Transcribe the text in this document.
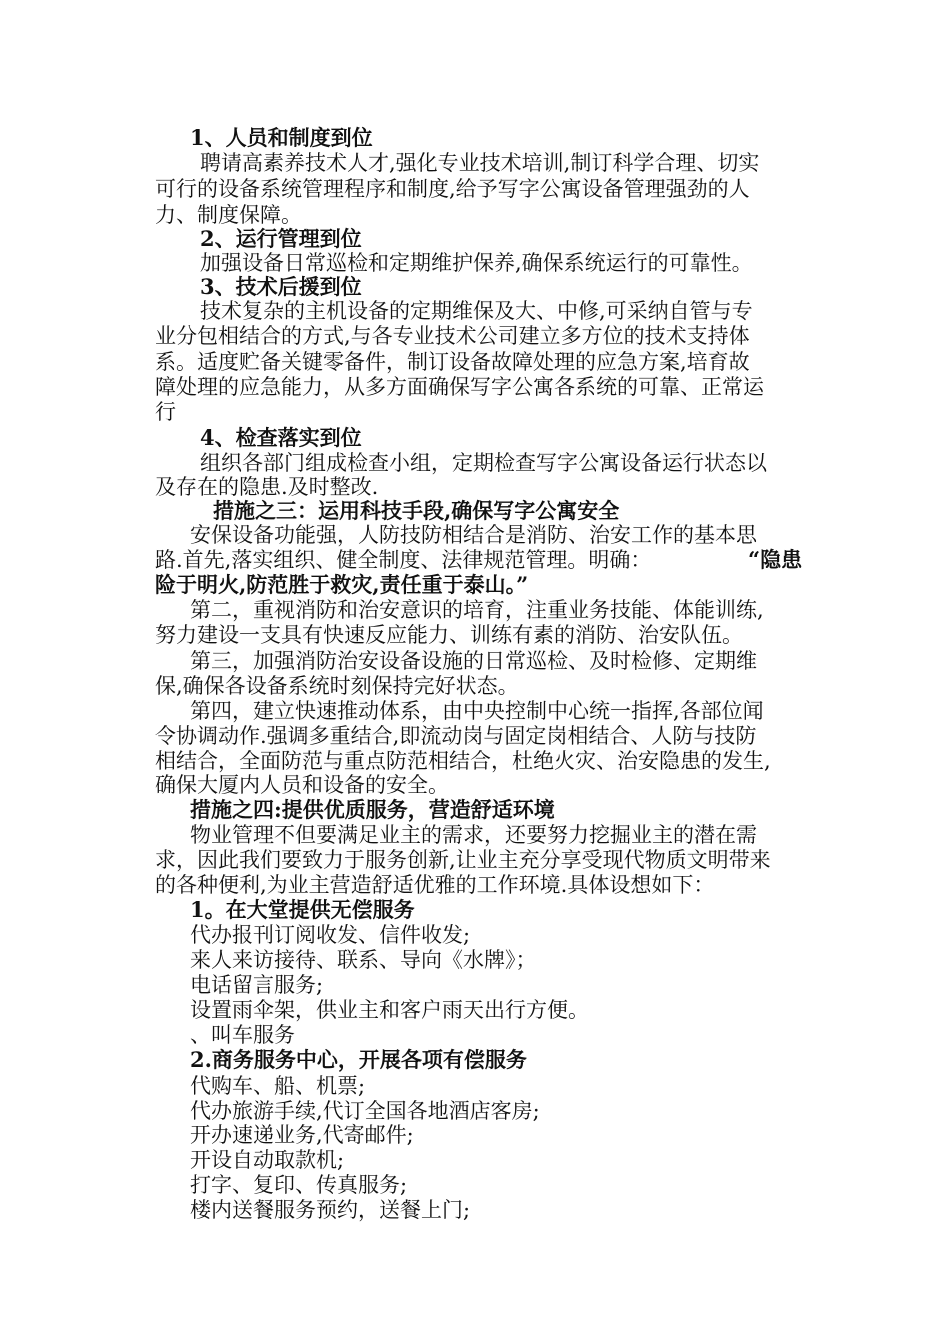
1、人员和制度到位
聘请高素养技术人才,强化专业技术培训,制订科学合理、切实
可行的设备系统管理程序和制度,给予写字公寓设备管理强劲的人
力、制度保障。
2、运行管理到位
加强设备日常巡检和定期维护保养,确保系统运行的可靠性。
3、技术后援到位
技术复杂的主机设备的定期维保及大、中修,可采纳自管与专
业分包相结合的方式,与各专业技术公司建立多方位的技术支持体
系。适度贮备关键零备件，制订设备故障处理的应急方案,培育故
障处理的应急能力，从多方面确保写字公寓各系统的可靠、正常运
行
4、检查落实到位
组织各部门组成检查小组，定期检查写字公寓设备运行状态以
及存在的隐患.及时整改.
措施之三：运用科技手段,确保写字公寓安全
安保设备功能强，人防技防相结合是消防、治安工作的基本思
路.首先,落实组织、健全制度、法律规范管理。明确：	“隐患
险于明火,防范胜于救灾,责任重于泰山。”
第二，重视消防和治安意识的培育，注重业务技能、体能训练,
努力建设一支具有快速反应能力、训练有素的消防、治安队伍。
第三，加强消防治安设备设施的日常巡检、及时检修、定期维
保,确保各设备系统时刻保持完好状态。
第四，建立快速推动体系，由中央控制中心统一指挥,各部位闻
令协调动作.强调多重结合,即流动岗与固定岗相结合、人防与技防
相结合，全面防范与重点防范相结合，杜绝火灾、治安隐患的发生,
确保大厦内人员和设备的安全。
措施之四:提供优质服务，营造舒适环境
物业管理不但要满足业主的需求，还要努力挖掘业主的潜在需
求，因此我们要致力于服务创新,让业主充分享受现代物质文明带来
的各种便利,为业主营造舒适优雅的工作环境.具体设想如下：
1。在大堂提供无偿服务
代办报刊订阅收发、信件收发;
来人来访接待、联系、导向《水牌》；
电话留言服务;
设置雨伞架，供业主和客户雨天出行方便。
、叫车服务
2.商务服务中心，开展各项有偿服务
代购车、船、机票;
代办旅游手续,代订全国各地酒店客房;
开办速递业务,代寄邮件;
开设自动取款机;
打字、复印、传真服务;
楼内送餐服务预约，送餐上门;
